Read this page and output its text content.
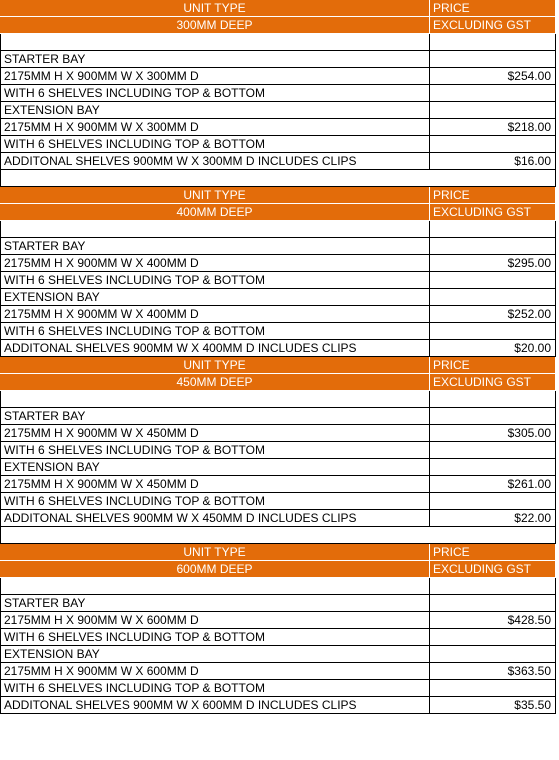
UNIT TYPE	PRICE
300MM DEEP	EXCLUDING GST
STARTER BAY
2175MM H X 900MM W X 300MM D	$254.00
WITH 6 SHELVES INCLUDING TOP & BOTTOM
EXTENSION BAY
2175MM H X 900MM W X 300MM D	$218.00
WITH 6 SHELVES INCLUDING TOP & BOTTOM
ADDITONAL SHELVES 900MM W X 300MM D INCLUDES CLIPS	$16.00
UNIT TYPE	PRICE
400MM DEEP	EXCLUDING GST
STARTER BAY
2175MM H X 900MM W X 400MM D	$295.00
WITH 6 SHELVES INCLUDING TOP & BOTTOM
EXTENSION BAY
2175MM H X 900MM W X 400MM D	$252.00
WITH 6 SHELVES INCLUDING TOP & BOTTOM
ADDITONAL SHELVES 900MM W X 400MM D INCLUDES CLIPS	$20.00
UNIT TYPE	PRICE
450MM DEEP	EXCLUDING GST
STARTER BAY
2175MM H X 900MM W X 450MM D	$305.00
WITH 6 SHELVES INCLUDING TOP & BOTTOM
EXTENSION BAY
2175MM H X 900MM W X 450MM D	$261.00
WITH 6 SHELVES INCLUDING TOP & BOTTOM
ADDITONAL SHELVES 900MM W X 450MM D INCLUDES CLIPS	$22.00
UNIT TYPE	PRICE
600MM DEEP	EXCLUDING GST
STARTER BAY
2175MM H X 900MM W X 600MM D	$428.50
WITH 6 SHELVES INCLUDING TOP & BOTTOM
EXTENSION BAY
2175MM H X 900MM W X 600MM D	$363.50
WITH 6 SHELVES INCLUDING TOP & BOTTOM
ADDITONAL SHELVES 900MM W X 600MM D INCLUDES CLIPS	$35.50
